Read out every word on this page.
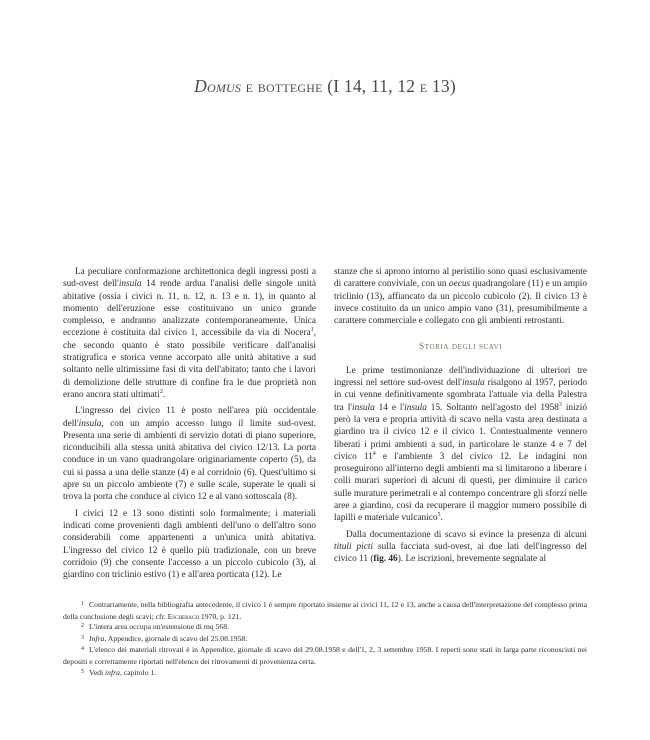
Domus e botteghe (I 14, 11, 12 e 13)

La peculiare conformazione architettonica degli ingressi posti a sud-ovest dell'insula 14 rende ardua l'analisi delle singole unità abitative (ossia i civici n. 11, n. 12, n. 13 e n. 1), in quanto al momento dell'eruzione esse costituivano un unico grande complesso, e andranno analizzate contemporaneamente. Unica eccezione è costituita dal civico 1, accessibile da via di Nocera$^1$, che secondo quanto è stato possibile verificare dall'analisi stratigrafica e storica venne accorpato alle unità abitative a sud soltanto nelle ultimissime fasi di vita dell'abitato; tanto che i lavori di demolizione delle strutture di confine fra le due proprietà non erano ancora stati ultimati$^2$.

L'ingresso del civico 11 è posto nell'area più occidentale dell'insula, con un ampio accesso lungo il limite sud-ovest. Presenta una serie di ambienti di servizio dotati di piano superiore, riconducibili alla stessa unità abitativa del civico 12/13. La porta conduce in un vano quadrangolare originariamente coperto (5), da cui si passa a una delle stanze (4) e al corridoio (6). Quest'ultimo si apre su un piccolo ambiente (7) e sulle scale, superate le quali si trova la porta che conduce al civico 12 e al vano sottoscala (8).

I civici 12 e 13 sono distinti solo formalmente; i materiali indicati come provenienti dagli ambienti dell'uno o dell'altro sono considerabili come appartenenti a un'unica unità abitativa. L'ingresso del civico 12 è quello più tradizionale, con un breve corridoio (9) che consente l'accesso a un piccolo cubicolo (3), al giardino con triclinio estivo (1) e all'area porticata (12). Le

stanze che si aprono intorno al peristilio sono quasi esclusivamente di carattere conviviale, con un oecus quadrangolare (11) e un ampio triclinio (13), affiancato da un piccolo cubicolo (2). Il civico 13 è invece costituito da un unico ampio vano (31), presumibilmente a carattere commerciale e collegato con gli ambienti retrostanti.

Storia degli scavi

Le prime testimonianze dell'individuazione di ulteriori tre ingressi nel settore sud-ovest dell'insula risalgono al 1957, periodo in cui venne definitivamente sgombrata l'attuale via della Palestra tra l'insula 14 e l'insula 15. Soltanto nell'agosto del 1958$^3$ inizió però la vera e propria attività di scavo nella vasta area destinata a giardino tra il civico 12 e il civico 1. Contestualmente vennero liberati i primi ambienti a sud, in particolare le stanze 4 e 7 del civico $11^4$ e l'ambiente 3 del civico 12. Le indagini non proseguirono all'interno degli ambienti ma si limitarono a liberare i colli murari superiori di alcuni di questi, per diminuire il carico sulle murature perimetrali e al contempo concentrare gli sforzi nelle aree a giardino, così da recuperare il maggior numero possibile di lapilli e materiale vulcanico$^5$.

Dalla documentazione di scavo si evince la presenza di alcuni tituli picti sulla facciata sud-ovest, ai due lati dell'ingresso del civico 11 (fig. 46). Le iscrizioni, brevemente segnalate al

$^1$ Contrariamente, nella bibliografia antecedente, il civico 1 è sempre riportato insieme ai civici 11, 12 e 13, anche a causa dell'interpretazione del complesso prima della conclusione degli scavi; cfr. Eschebach 1970, p. 121.

$^2$ L'intera area occupa un'estensione di mq 568.

$^3$ Infra, Appendice, giornale di scavo del 25.08.1958.

$^4$ L'elenco dei materiali ritrovati è in Appendice, giornale di scavo del 29.08.1958 e dell'1, 2, 3 settembre 1958. I reperti sono stati in larga parte riconosciuti nei depositi e correttamente riportati nell'elenco dei ritrovamenti di provenienza certa.

$^5$ Vedi infra, capitolo 1.
